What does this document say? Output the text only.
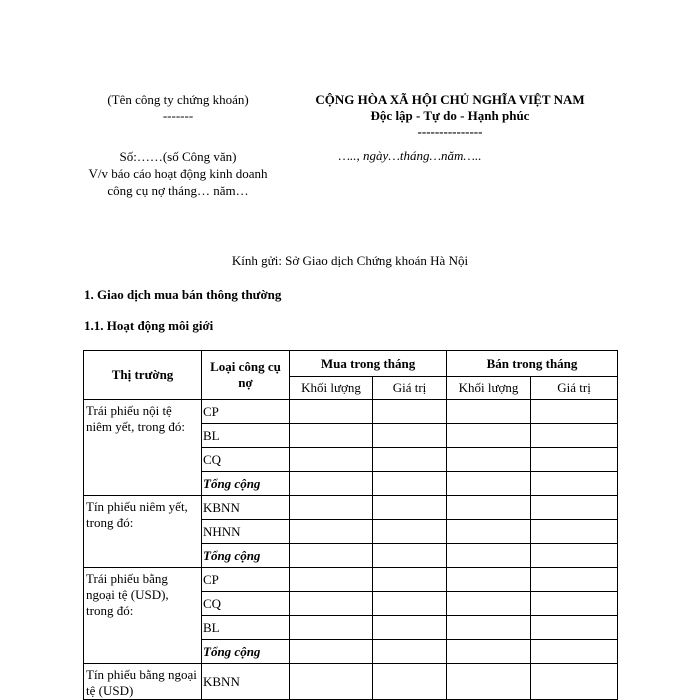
(Tên công ty chứng khoán)
-------
CỘNG HÒA XÃ HỘI CHỦ NGHĨA VIỆT NAM
Độc lập - Tự do - Hạnh phúc
---------------
Số:……(số Công văn)
V/v báo cáo hoạt động kinh doanh công cụ nợ tháng… năm…
….., ngày…tháng…năm…..
Kính gửi: Sở Giao dịch Chứng khoán Hà Nội
1. Giao dịch mua bán thông thường
1.1. Hoạt động môi giới
Thị trường	Loại công cụ nợ	Mua trong tháng		Bán trong tháng	
		Khối lượng	Giá trị	Khối lượng	Giá trị
Trái phiếu nội tệ niêm yết, trong đó:	CP				
	BL				
	CQ				
	Tổng cộng				
Tín phiếu niêm yết, trong đó:	KBNN				
	NHNN				
	Tổng cộng				
Trái phiếu bằng ngoại tệ (USD), trong đó:	CP				
	CQ				
	BL				
	Tổng cộng				
Tín phiếu bằng ngoại tệ (USD)	KBNN				
